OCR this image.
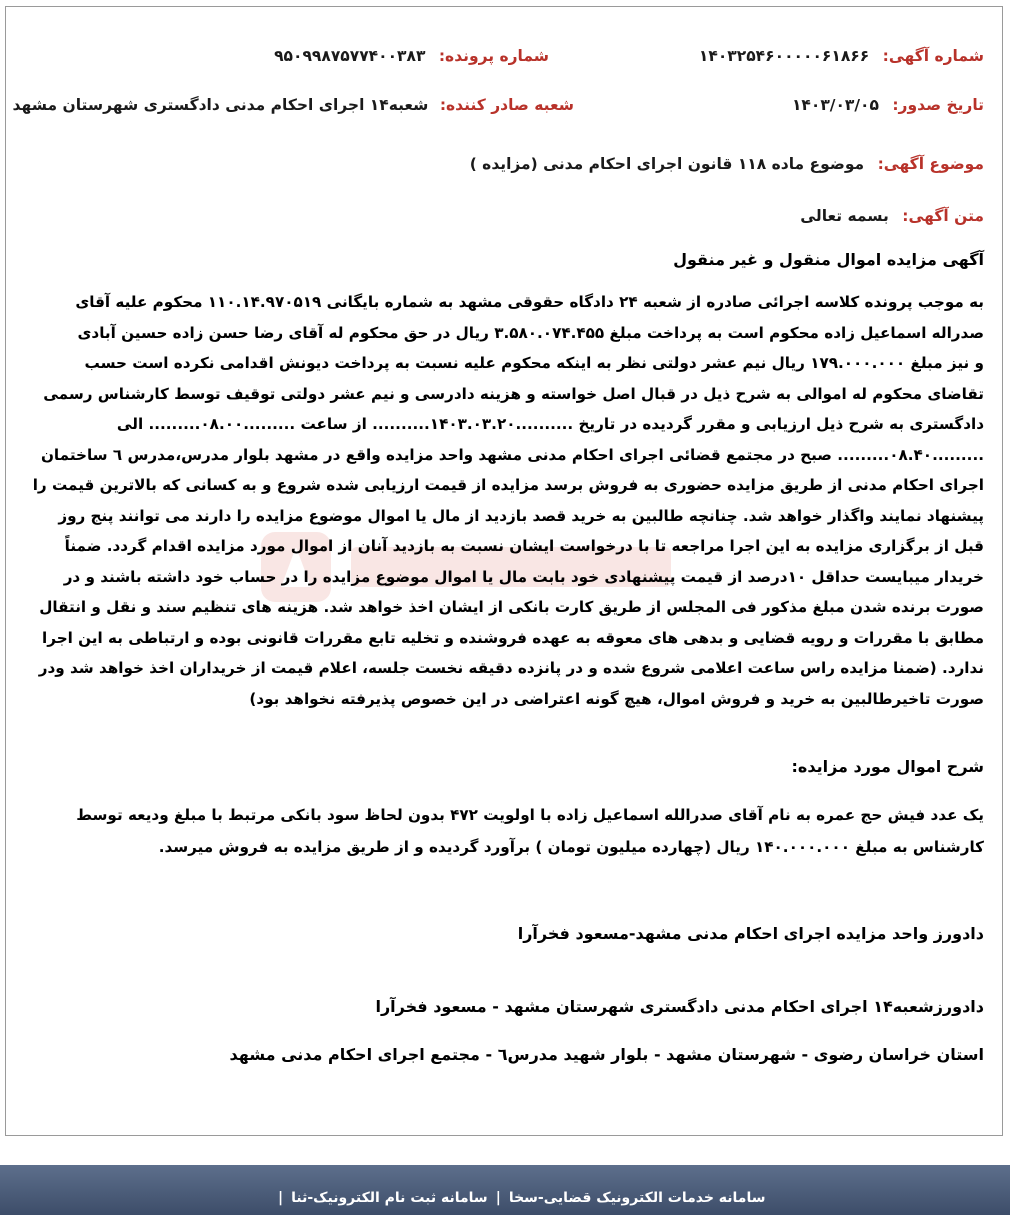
شماره آگهی: ۱۴۰۳۲۵۴۶۰۰۰۰۰۶۱۸۶۶
شماره پرونده: ۹۵۰۹۹۸۷۵۷۷۴۰۰۳۸۳
تاریخ صدور: ۱۴۰۳/۰۳/۰۵
شعبه صادر کننده: شعبه۱۴ اجرای احکام مدنی دادگستری شهرستان مشهد
موضوع آگهی: موضوع ماده ۱۱۸ قانون اجرای احکام مدنی (مزایده )
متن آگهی: بسمه تعالی
آگهی مزایده اموال منقول و غیر منقول

به موجب پرونده کلاسه اجرائی صادره از شعبه ۲۴ دادگاه حقوقی مشهد به شماره بایگانی ۱۱۰.۱۴.۹۷۰۵۱۹ محکوم علیه آقای

صدراله اسماعیل زاده محکوم است به پرداخت مبلغ ۳.۵۸۰.۰۷۴.۴۵۵ ریال در حق محکوم له آقای رضا حسن زاده حسین آبادی

و نیز مبلغ ۱۷۹.۰۰۰.۰۰۰ ریال نیم عشر دولتی نظر به اینکه محکوم علیه نسبت به پرداخت دیونش اقدامی نکرده است حسب

تقاضای محکوم له اموالی به شرح ذیل در قبال اصل خواسته و هزینه دادرسی و نیم عشر دولتی توقیف توسط کارشناس رسمی

دادگستری به شرح ذیل ارزیابی و مقرر گردیده در تاریخ ..........۱۴۰۳.۰۳.۲۰.......... از ساعت .........۰۸.۰۰......... الی

.........۰۸.۴۰......... صبح در مجتمع قضائی اجرای احکام مدنی مشهد واحد مزایده واقع در مشهد بلوار مدرس،مدرس ٦ ساختمان

اجرای احکام مدنی از طریق مزایده حضوری به فروش برسد مزایده از قیمت ارزیابی شده شروع و به کسانی که بالاترین قیمت را

پیشنهاد نمایند واگذار خواهد شد. چنانچه طالبین به خرید قصد بازدید از مال یا اموال موضوع مزایده را دارند می توانند پنج روز

قبل از برگزاری مزایده به این اجرا مراجعه تا با درخواست ایشان نسبت به بازدید آنان از اموال مورد مزایده اقدام گردد. ضمناً

خریدار میبایست حداقل ۱۰درصد از قیمت پیشنهادی خود بابت مال یا اموال موضوع مزایده را در حساب خود داشته باشند و در

صورت برنده شدن مبلغ مذکور فی المجلس از طریق کارت بانکی از ایشان اخذ خواهد شد. هزینه های تنظیم سند و نقل و انتقال

مطابق با مقررات و رویه قضایی و بدهی های معوقه به عهده فروشنده و تخلیه تابع مقررات قانونی بوده و ارتباطی به این اجرا

ندارد. (ضمنا مزایده راس ساعت اعلامی شروع شده و در پانزده دقیقه نخست جلسه، اعلام قیمت از خریداران اخذ خواهد شد ودر

صورت تاخیرطالبین به خرید و فروش اموال، هیچ گونه اعتراضی در این خصوص پذیرفته نخواهد بود)

شرح اموال مورد مزایده:

یک عدد فیش حج عمره به نام آقای صدرالله اسماعیل زاده با اولویت ۴۷۲ بدون لحاظ سود بانکی مرتبط با مبلغ ودیعه توسط

کارشناس به مبلغ ۱۴۰.۰۰۰.۰۰۰ ریال (چهارده میلیون تومان ) برآورد گردیده و از طریق مزایده به فروش میرسد.

دادورز واحد مزایده اجرای احکام مدنی مشهد-مسعود فخرآرا
دادورزشعبه۱۴ اجرای احکام مدنی دادگستری شهرستان مشهد - مسعود فخرآرا
استان خراسان رضوی - شهرستان مشهد - بلوار شهید مدرس٦ - مجتمع اجرای احکام مدنی مشهد
سامانه خدمات الکترونیک قضایی-سخا
|
سامانه ثبت نام الکترونیک-ثنا
|
